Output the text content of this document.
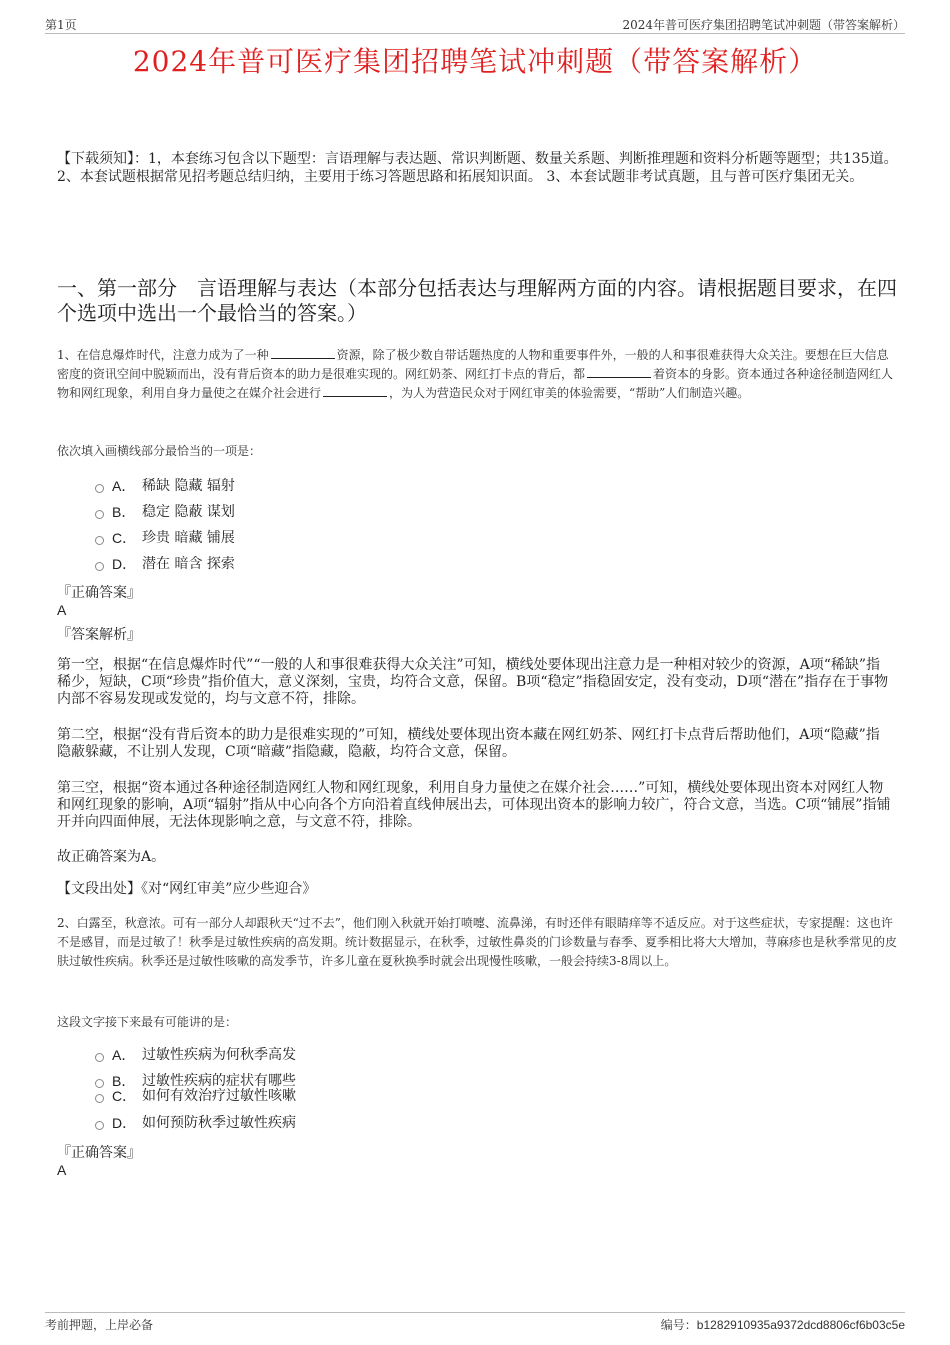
第1页	2024年普可医疗集团招聘笔试冲刺题（带答案解析）
2024年普可医疗集团招聘笔试冲刺题（带答案解析）
【下载须知】：1，本套练习包含以下题型：言语理解与表达题、常识判断题、数量关系题、判断推理题和资料分析题等题型；共135道。 2、本套试题根据常见招考题总结归纳，主要用于练习答题思路和拓展知识面。 3、本套试题非考试真题，且与普可医疗集团无关。
一、第一部分　言语理解与表达（本部分包括表达与理解两方面的内容。请根据题目要求，在四个选项中选出一个最恰当的答案。）
1、在信息爆炸时代，注意力成为了一种	资源，除了极少数自带话题热度的人物和重要事件外，一般的人和事很难获得大众关注。要想在巨大信息密度的资讯空间中脱颖而出，没有背后资本的助力是很难实现的。网红奶茶、网红打卡点的背后，都	着资本的身影。资本通过各种途径制造网红人物和网红现象，利用自身力量使之在媒介社会进行	，为人为营造民众对于网红审美的体验需要，“帮助”人们制造兴趣。
依次填入画横线部分最恰当的一项是：
A． 稀缺 隐藏 辐射
B． 稳定 隐蔽 谋划
C． 珍贵 暗藏 铺展
D． 潜在 暗含 探索
『正确答案』
A
『答案解析』
第一空，根据“在信息爆炸时代”“一般的人和事很难获得大众关注”可知，横线处要体现出注意力是一种相对较少的资源，A项“稀缺”指稀少，短缺，C项“珍贵”指价值大，意义深刻，宝贵，均符合文意，保留。B项“稳定”指稳固安定，没有变动，D项“潜在”指存在于事物内部不容易发现或发觉的，均与文意不符，排除。
第二空，根据“没有背后资本的助力是很难实现的”可知，横线处要体现出资本藏在网红奶茶、网红打卡点背后帮助他们，A项“隐藏”指隐蔽躲藏，不让别人发现，C项“暗藏”指隐藏，隐蔽，均符合文意，保留。
第三空，根据“资本通过各种途径制造网红人物和网红现象，利用自身力量使之在媒介社会……”可知，横线处要体现出资本对网红人物和网红现象的影响，A项“辐射”指从中心向各个方向沿着直线伸展出去，可体现出资本的影响力较广，符合文意，当选。C项“铺展”指铺开并向四面伸展，无法体现影响之意，与文意不符，排除。
故正确答案为A。
【文段出处】《对“网红审美”应少些迎合》
2、白露至，秋意浓。可有一部分人却跟秋天“过不去”，他们刚入秋就开始打喷嚏、流鼻涕，有时还伴有眼睛痒等不适反应。对于这些症状，专家提醒：这也许不是感冒，而是过敏了！秋季是过敏性疾病的高发期。统计数据显示，在秋季，过敏性鼻炎的门诊数量与春季、夏季相比将大大增加，荨麻疹也是秋季常见的皮肤过敏性疾病。秋季还是过敏性咳嗽的高发季节，许多儿童在夏秋换季时就会出现慢性咳嗽，一般会持续3-8周以上。
这段文字接下来最有可能讲的是：
A． 过敏性疾病为何秋季高发
B． 过敏性疾病的症状有哪些
C． 如何有效治疗过敏性咳嗽
D． 如何预防秋季过敏性疾病
『正确答案』
A
考前押题，上岸必备	编号：b1282910935a9372dcd8806cf6b03c5e
